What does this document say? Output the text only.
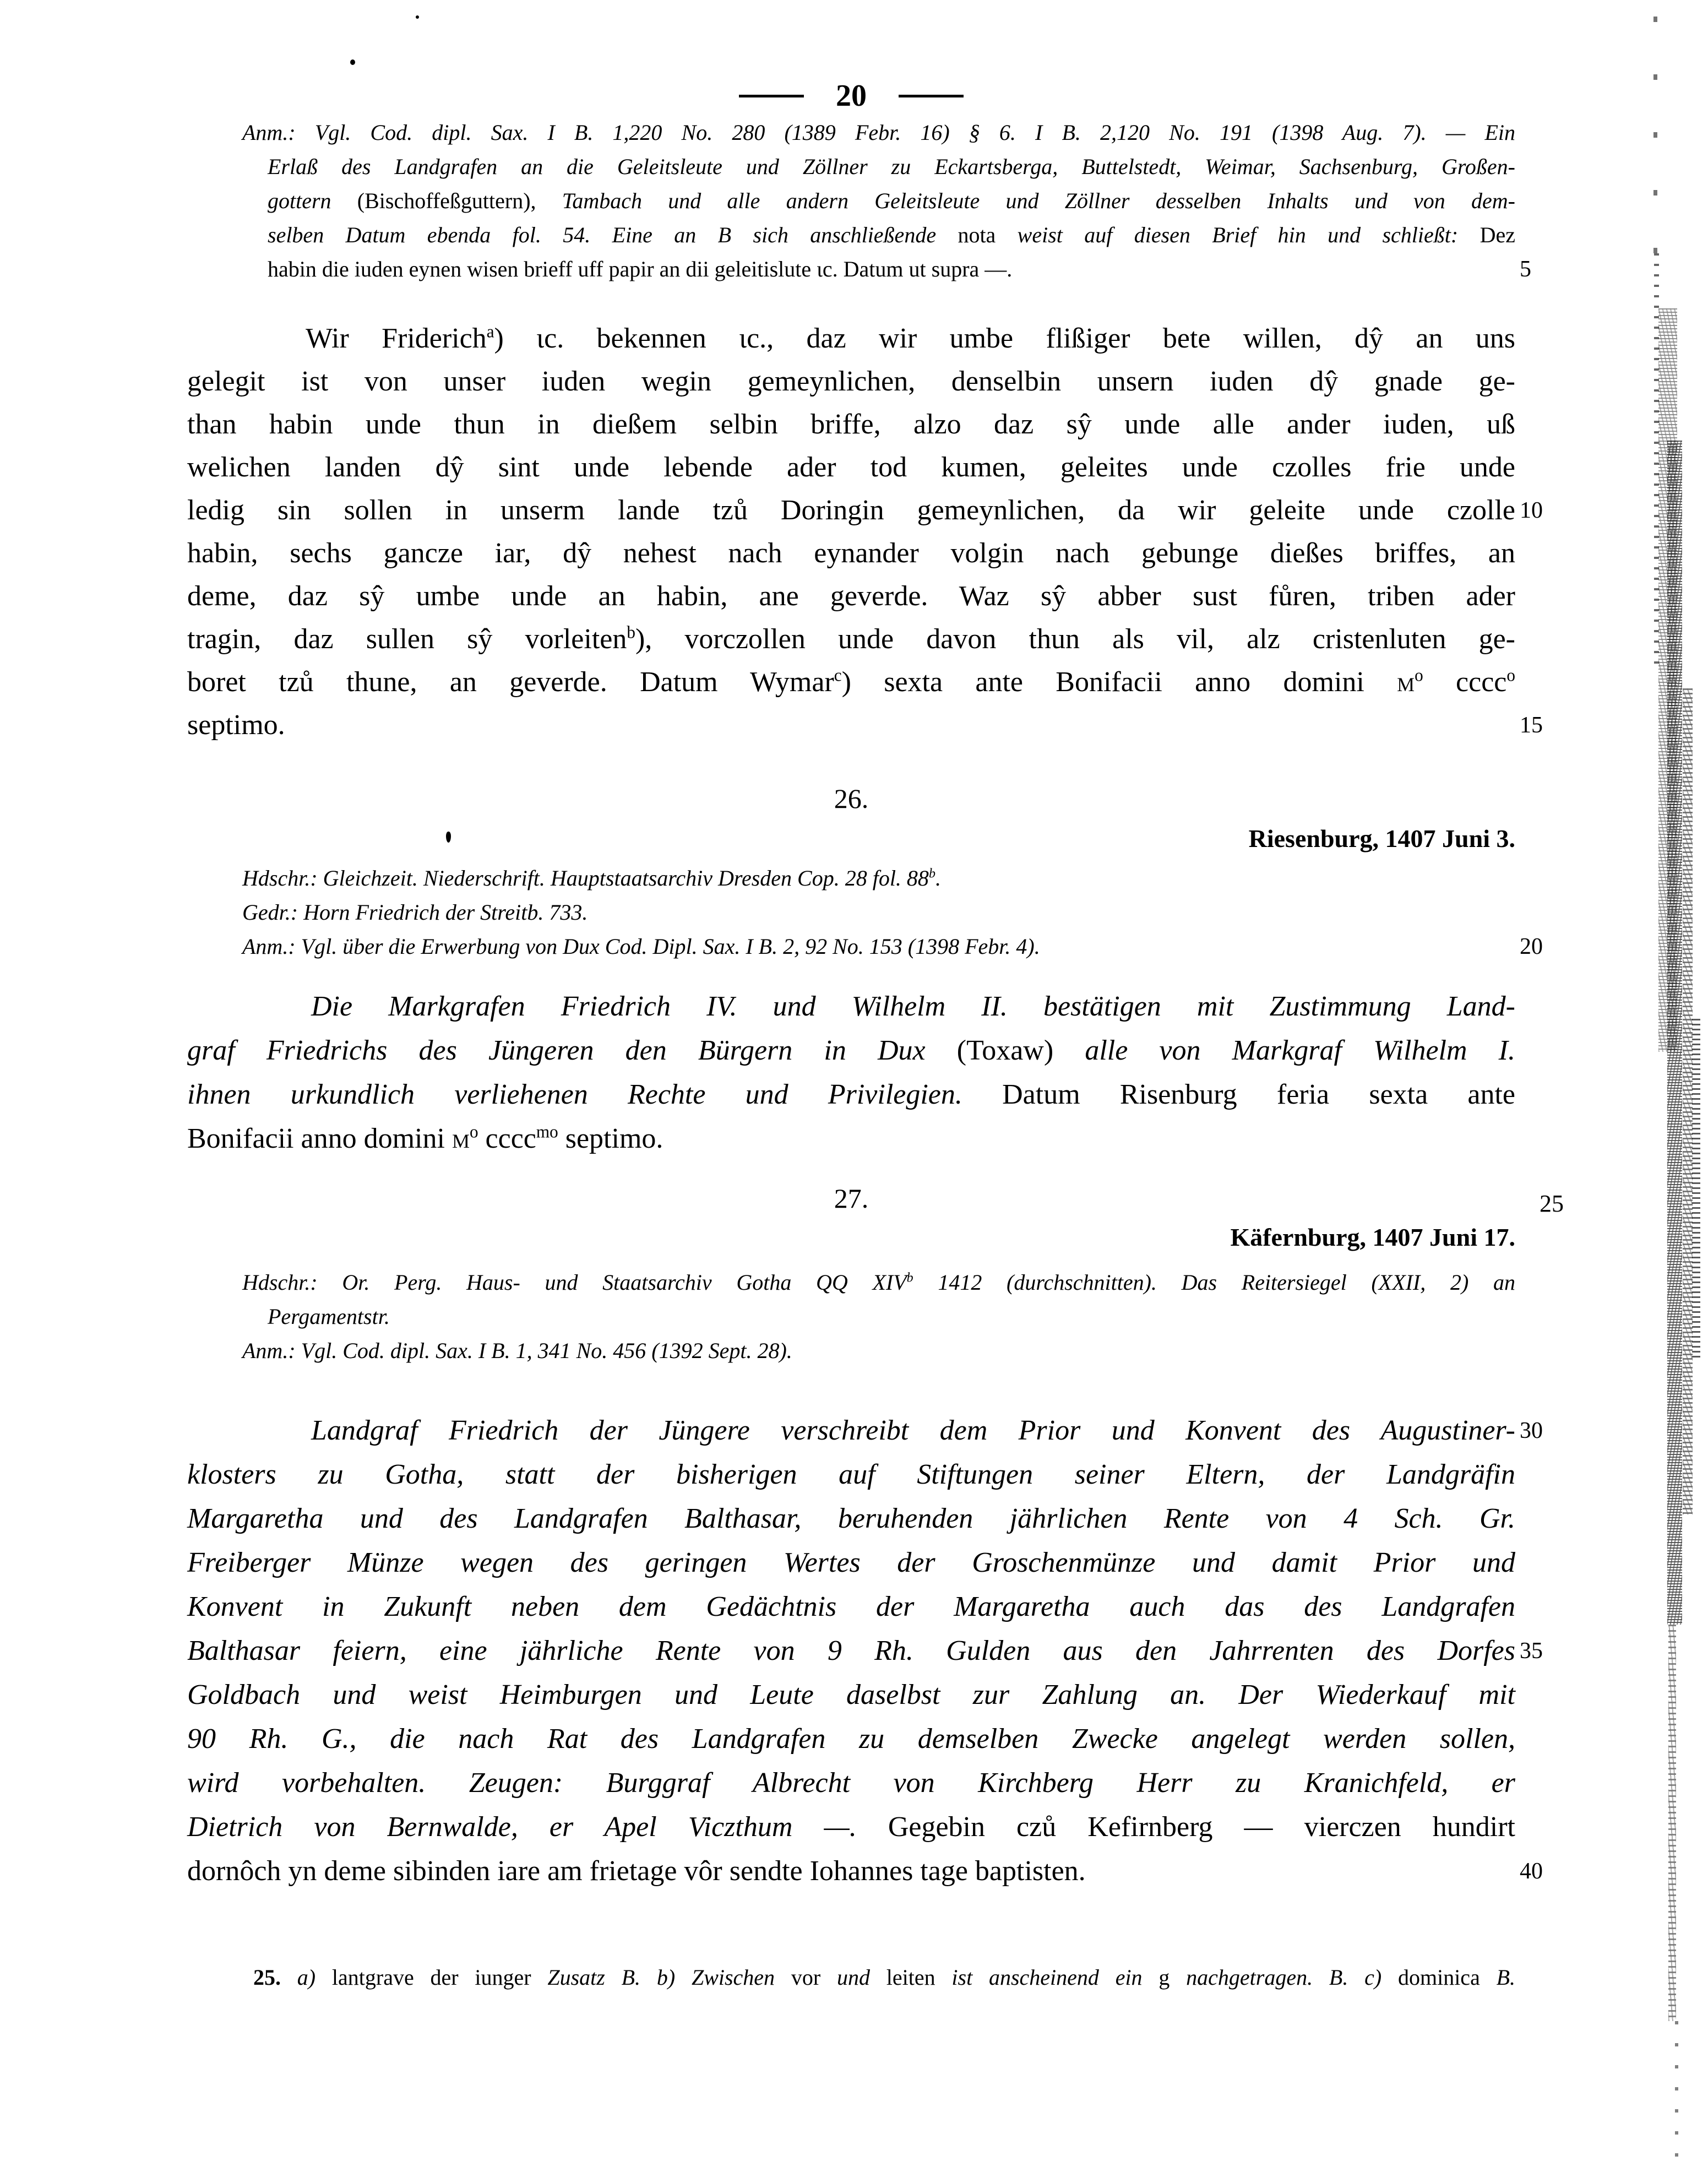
20
Anm.: Vgl. Cod. dipl. Sax. I B. 1,220 No. 280 (1389 Febr. 16) § 6. I B. 2,120 No. 191 (1398 Aug. 7). — Ein
Erlaß des Landgrafen an die Geleitsleute und Zöllner zu Eckartsberga, Buttelstedt, Weimar, Sachsenburg, Großen-
gottern (Bischoffeßguttern), Tambach und alle andern Geleitsleute und Zöllner desselben Inhalts und von dem-
selben Datum ebenda fol. 54. Eine an B sich anschließende nota weist auf diesen Brief hin und schließt: Dez
habin die iuden eynen wisen brieff uff papir an dii geleitislute ɩc. Datum ut supra —.	5
Wir Friderich$^a$) ɩc. bekennen ɩc., daz wir umbe flißiger bete willen, dŷ an uns
gelegit ist von unser iuden wegin gemeynlichen, denselbin unsern iuden dŷ gnade ge-
than habin unde thun in dießem selbin briffe, alzo daz sŷ unde alle ander iuden, uß
welichen landen dŷ sint unde lebende ader tod kumen, geleites unde czolles frie unde
ledig sin sollen in unserm lande tzů Doringin gemeynlichen, da wir geleite unde czolle 10
habin, sechs gancze iar, dŷ nehest nach eynander volgin nach gebunge dießes briffes, an
deme, daz sŷ umbe unde an habin, ane geverde. Waz sŷ abber sust fůren, triben ader
tragin, daz sullen sŷ vorleiten$^b$), vorczollen unde davon thun als vil, alz cristenluten ge-
boret tzů thune, an geverde. Datum Wymar$^c$) sexta ante Bonifacii anno domini $m^o$ cccc$^o$
septimo.	15
26.
Riesenburg, 1407 Juni 3.
Hdschr.: Gleichzeit. Niederschrift. Hauptstaatsarchiv Dresden Cop. 28 fol. 88$^b$.
Gedr.: Horn Friedrich der Streitb. 733.
Anm.: Vgl. über die Erwerbung von Dux Cod. Dipl. Sax. I B. 2, 92 No. 153 (1398 Febr. 4).	20
Die Markgrafen Friedrich IV. und Wilhelm II. bestätigen mit Zustimmung Land-
graf Friedrichs des Jüngeren den Bürgern in Dux (Toxaw) alle von Markgraf Wilhelm I.
ihnen urkundlich verliehenen Rechte und Privilegien. Datum Risenburg feria sexta ante
Bonifacii anno domini $m^o$ cccc$^{mo}$ septimo.
27.	25
Käfernburg, 1407 Juni 17.
Hdschr.: Or. Perg. Haus- und Staatsarchiv Gotha QQ XIV$^b$ 1412 (durchschnitten). Das Reitersiegel (XXII, 2) an
Pergamentstr.
Anm.: Vgl. Cod. dipl. Sax. I B. 1, 341 No. 456 (1392 Sept. 28).
Landgraf Friedrich der Jüngere verschreibt dem Prior und Konvent des Augustiner- 30
klosters zu Gotha, statt der bisherigen auf Stiftungen seiner Eltern, der Landgräfin
Margaretha und des Landgrafen Balthasar, beruhenden jährlichen Rente von 4 Sch. Gr.
Freiberger Münze wegen des geringen Wertes der Groschenmünze und damit Prior und
Konvent in Zukunft neben dem Gedächtnis der Margaretha auch das des Landgrafen
Balthasar feiern, eine jährliche Rente von 9 Rh. Gulden aus den Jahrrenten des Dorfes 35
Goldbach und weist Heimburgen und Leute daselbst zur Zahlung an. Der Wiederkauf mit
90 Rh. G., die nach Rat des Landgrafen zu demselben Zwecke angelegt werden sollen,
wird vorbehalten. Zeugen: Burggraf Albrecht von Kirchberg Herr zu Kranichfeld, er
Dietrich von Bernwalde, er Apel Viczthum —. Gegebin czů Kefirnberg — vierczen hundirt
dornôch yn deme sibinden iare am frietage vôr sendte Iohannes tage baptisten.	40
25. a) lantgrave der iunger Zusatz B. b) Zwischen vor und leiten ist anscheinend ein g nachgetragen. B. c) dominica B.
